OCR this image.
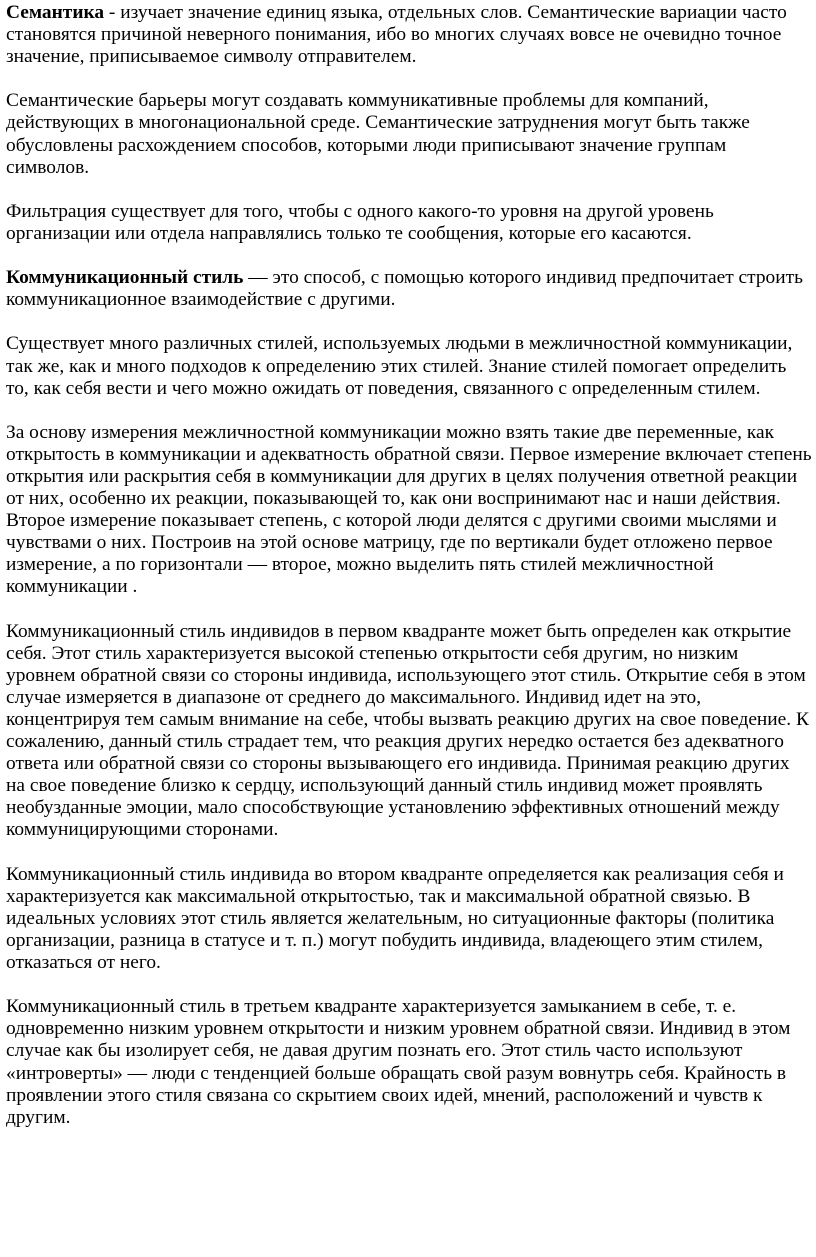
Семантика - изучает значение единиц языка, отдельных слов. Семантические вариации часто становятся причиной неверного понимания, ибо во многих случаях вовсе не очевидно точное значение, приписываемое символу отправителем.

Семантические барьеры могут создавать коммуникативные проблемы для компаний, действующих в многонациональной среде. Семантические затруднения могут быть также обусловлены расхождением способов, которыми люди приписывают значение группам символов.

Фильтрация существует для того, чтобы с одного какого-то уровня на другой уровень организации или отдела направлялись только те сообщения, которые его касаются.

Коммуникационный стиль — это способ, с помощью которого индивид предпочитает строить коммуникационное взаимодействие с другими.

Существует много различных стилей, используемых людьми в межличностной коммуникации, так же, как и много подходов к определению этих стилей. Знание стилей помогает определить то, как себя вести и чего можно ожидать от поведения, связанного с определенным стилем.

За основу измерения межличностной коммуникации можно взять такие две переменные, как открытость в коммуникации и адекватность обратной связи. Первое измерение включает степень открытия или раскрытия себя в коммуникации для других в целях получения ответной реакции от них, особенно их реакции, показывающей то, как они воспринимают нас и наши действия. Второе измерение показывает степень, с которой люди делятся с другими своими мыслями и чувствами о них. Построив на этой основе матрицу, где по вертикали будет отложено первое измерение, а по горизонтали — второе, можно выделить пять стилей межличностной коммуникации .

Коммуникационный стиль индивидов в первом квадранте может быть определен как открытие себя. Этот стиль характеризуется высокой степенью открытости себя другим, но низким уровнем обратной связи со стороны индивида, использующего этот стиль. Открытие себя в этом случае измеряется в диапазоне от среднего до максимального. Индивид идет на это, концентрируя тем самым внимание на себе, чтобы вызвать реакцию других на свое поведение. К сожалению, данный стиль страдает тем, что реакция других нередко остается без адекватного ответа или обратной связи со стороны вызывающего его индивида. Принимая реакцию других на свое поведение близко к сердцу, использующий данный стиль индивид может проявлять необузданные эмоции, мало способствующие установлению эффективных отношений между коммуницирующими сторонами.

Коммуникационный стиль индивида во втором квадранте определяется как реализация себя и характеризуется как максимальной открытостью, так и максимальной обратной связью. В идеальных условиях этот стиль является желательным, но ситуационные факторы (политика организации, разница в статусе и т. п.) могут побудить индивида, владеющего этим стилем, отказаться от него.

Коммуникационный стиль в третьем квадранте характеризуется замыканием в себе, т. е. одновременно низким уровнем открытости и низким уровнем обратной связи. Индивид в этом случае как бы изолирует себя, не давая другим познать его. Этот стиль часто используют «интроверты» — люди с тенденцией больше обращать свой разум вовнутрь себя. Крайность в проявлении этого стиля связана со скрытием своих идей, мнений, расположений и чувств к другим.
